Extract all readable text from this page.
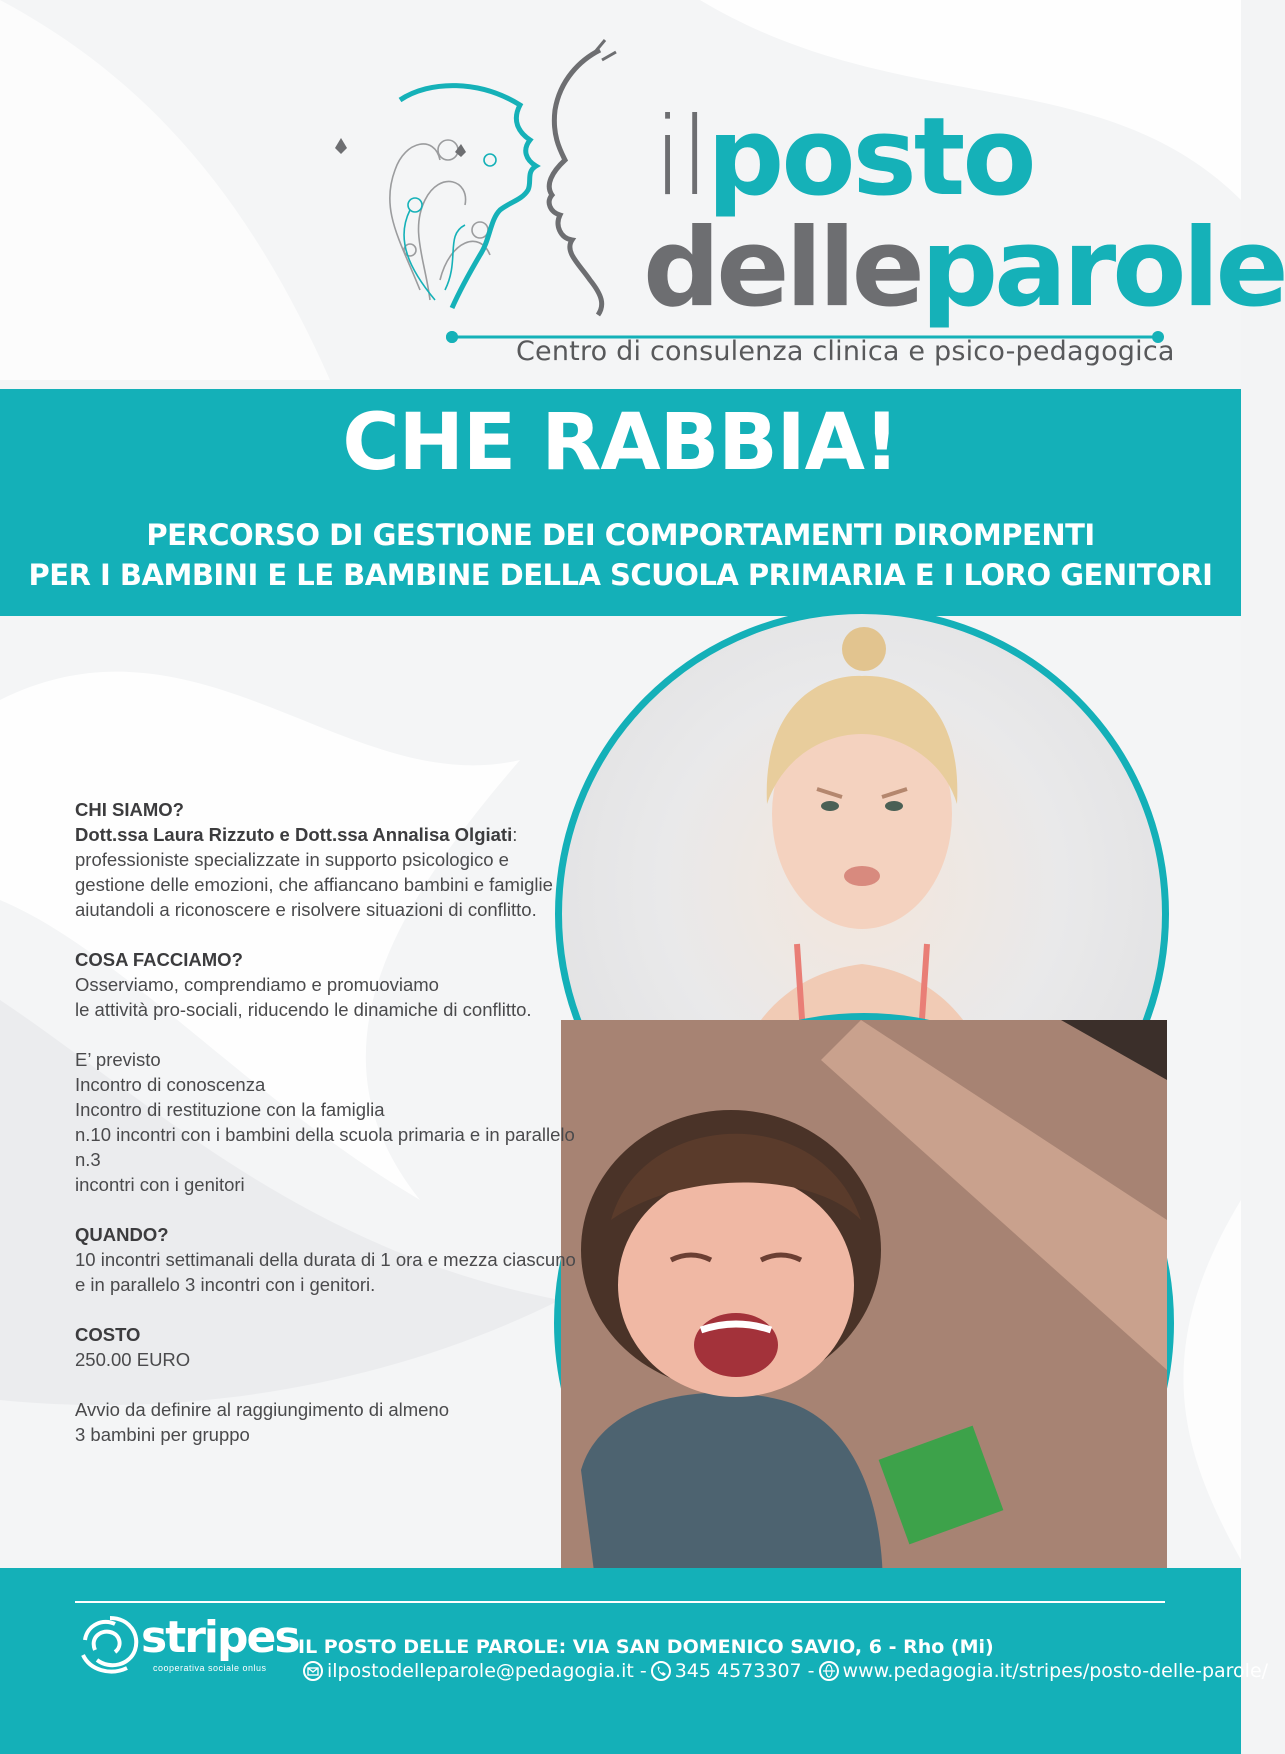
ilposto
delleparole
Centro di consulenza clinica e psico-pedagogica
CHE RABBIA!
PERCORSO DI GESTIONE DEI COMPORTAMENTI DIROMPENTI
PER I BAMBINI E LE BAMBINE DELLA SCUOLA PRIMARIA E I LORO GENITORI
CHI SIAMO?
Dott.ssa Laura Rizzuto e Dott.ssa Annalisa Olgiati:
professioniste specializzate in supporto psicologico e
gestione delle emozioni, che affiancano bambini e famiglie
aiutandoli a riconoscere e risolvere situazioni di conflitto.
COSA FACCIAMO?
Osserviamo, comprendiamo e promuoviamo
le attività pro-sociali, riducendo le dinamiche di conflitto.
E’ previsto
Incontro di conoscenza
Incontro di restituzione con la famiglia
n.10 incontri con i bambini della scuola primaria e in parallelo n.3
incontri con i genitori
QUANDO?
10 incontri settimanali della durata di 1 ora e mezza ciascuno
e in parallelo 3 incontri con i genitori.
COSTO
250.00 EURO
Avvio da definire al raggiungimento di almeno
3 bambini per gruppo
stripes
cooperativa sociale onlus
IL POSTO DELLE PAROLE: VIA SAN DOMENICO SAVIO, 6 - Rho (Mi)
ilpostodelleparole@pedagogia.it - 345 4573307 - www.pedagogia.it/stripes/posto-delle-parole/
